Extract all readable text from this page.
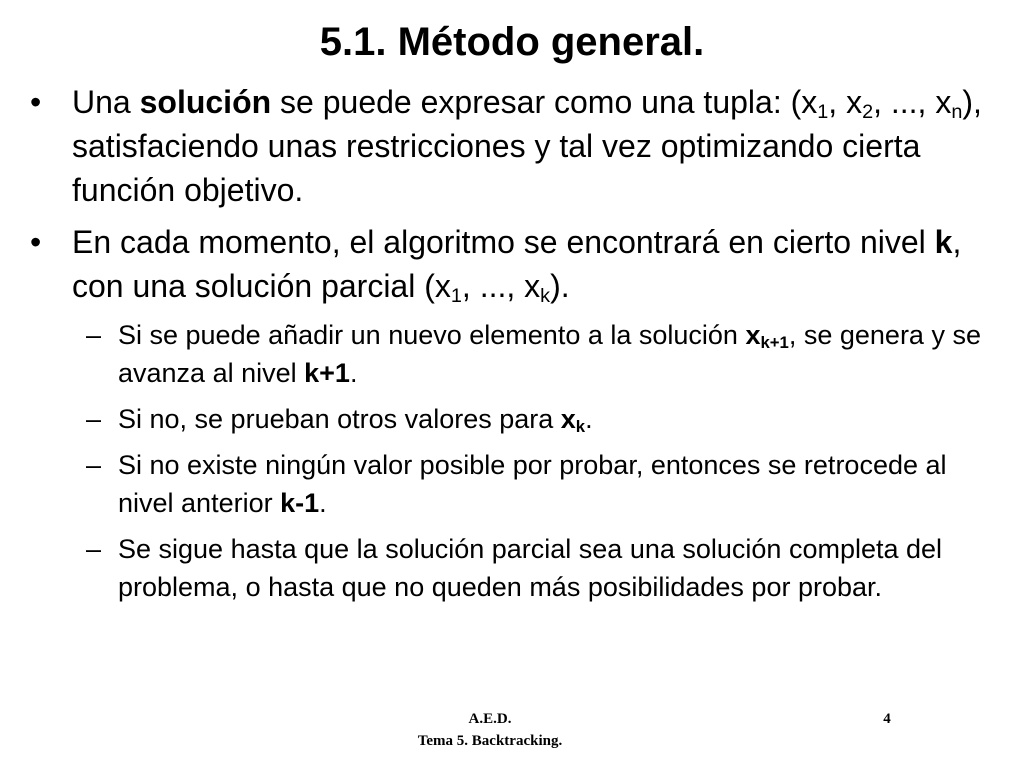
5.1. Método general.
• Una solución se puede expresar como una tupla: ($x_1$, $x_2$, ..., $x_n$), satisfaciendo unas restricciones y tal vez optimizando cierta función objetivo.
• En cada momento, el algoritmo se encontrará en cierto nivel k, con una solución parcial ($x_1$, ..., $x_k$).
– Si se puede añadir un nuevo elemento a la solución $x_{k+1}$, se genera y se avanza al nivel k+1.
– Si no, se prueban otros valores para $x_k$.
– Si no existe ningún valor posible por probar, entonces se retrocede al nivel anterior k-1.
– Se sigue hasta que la solución parcial sea una solución completa del problema, o hasta que no queden más posibilidades por probar.
A.E.D.
Tema 5. Backtracking.
4
